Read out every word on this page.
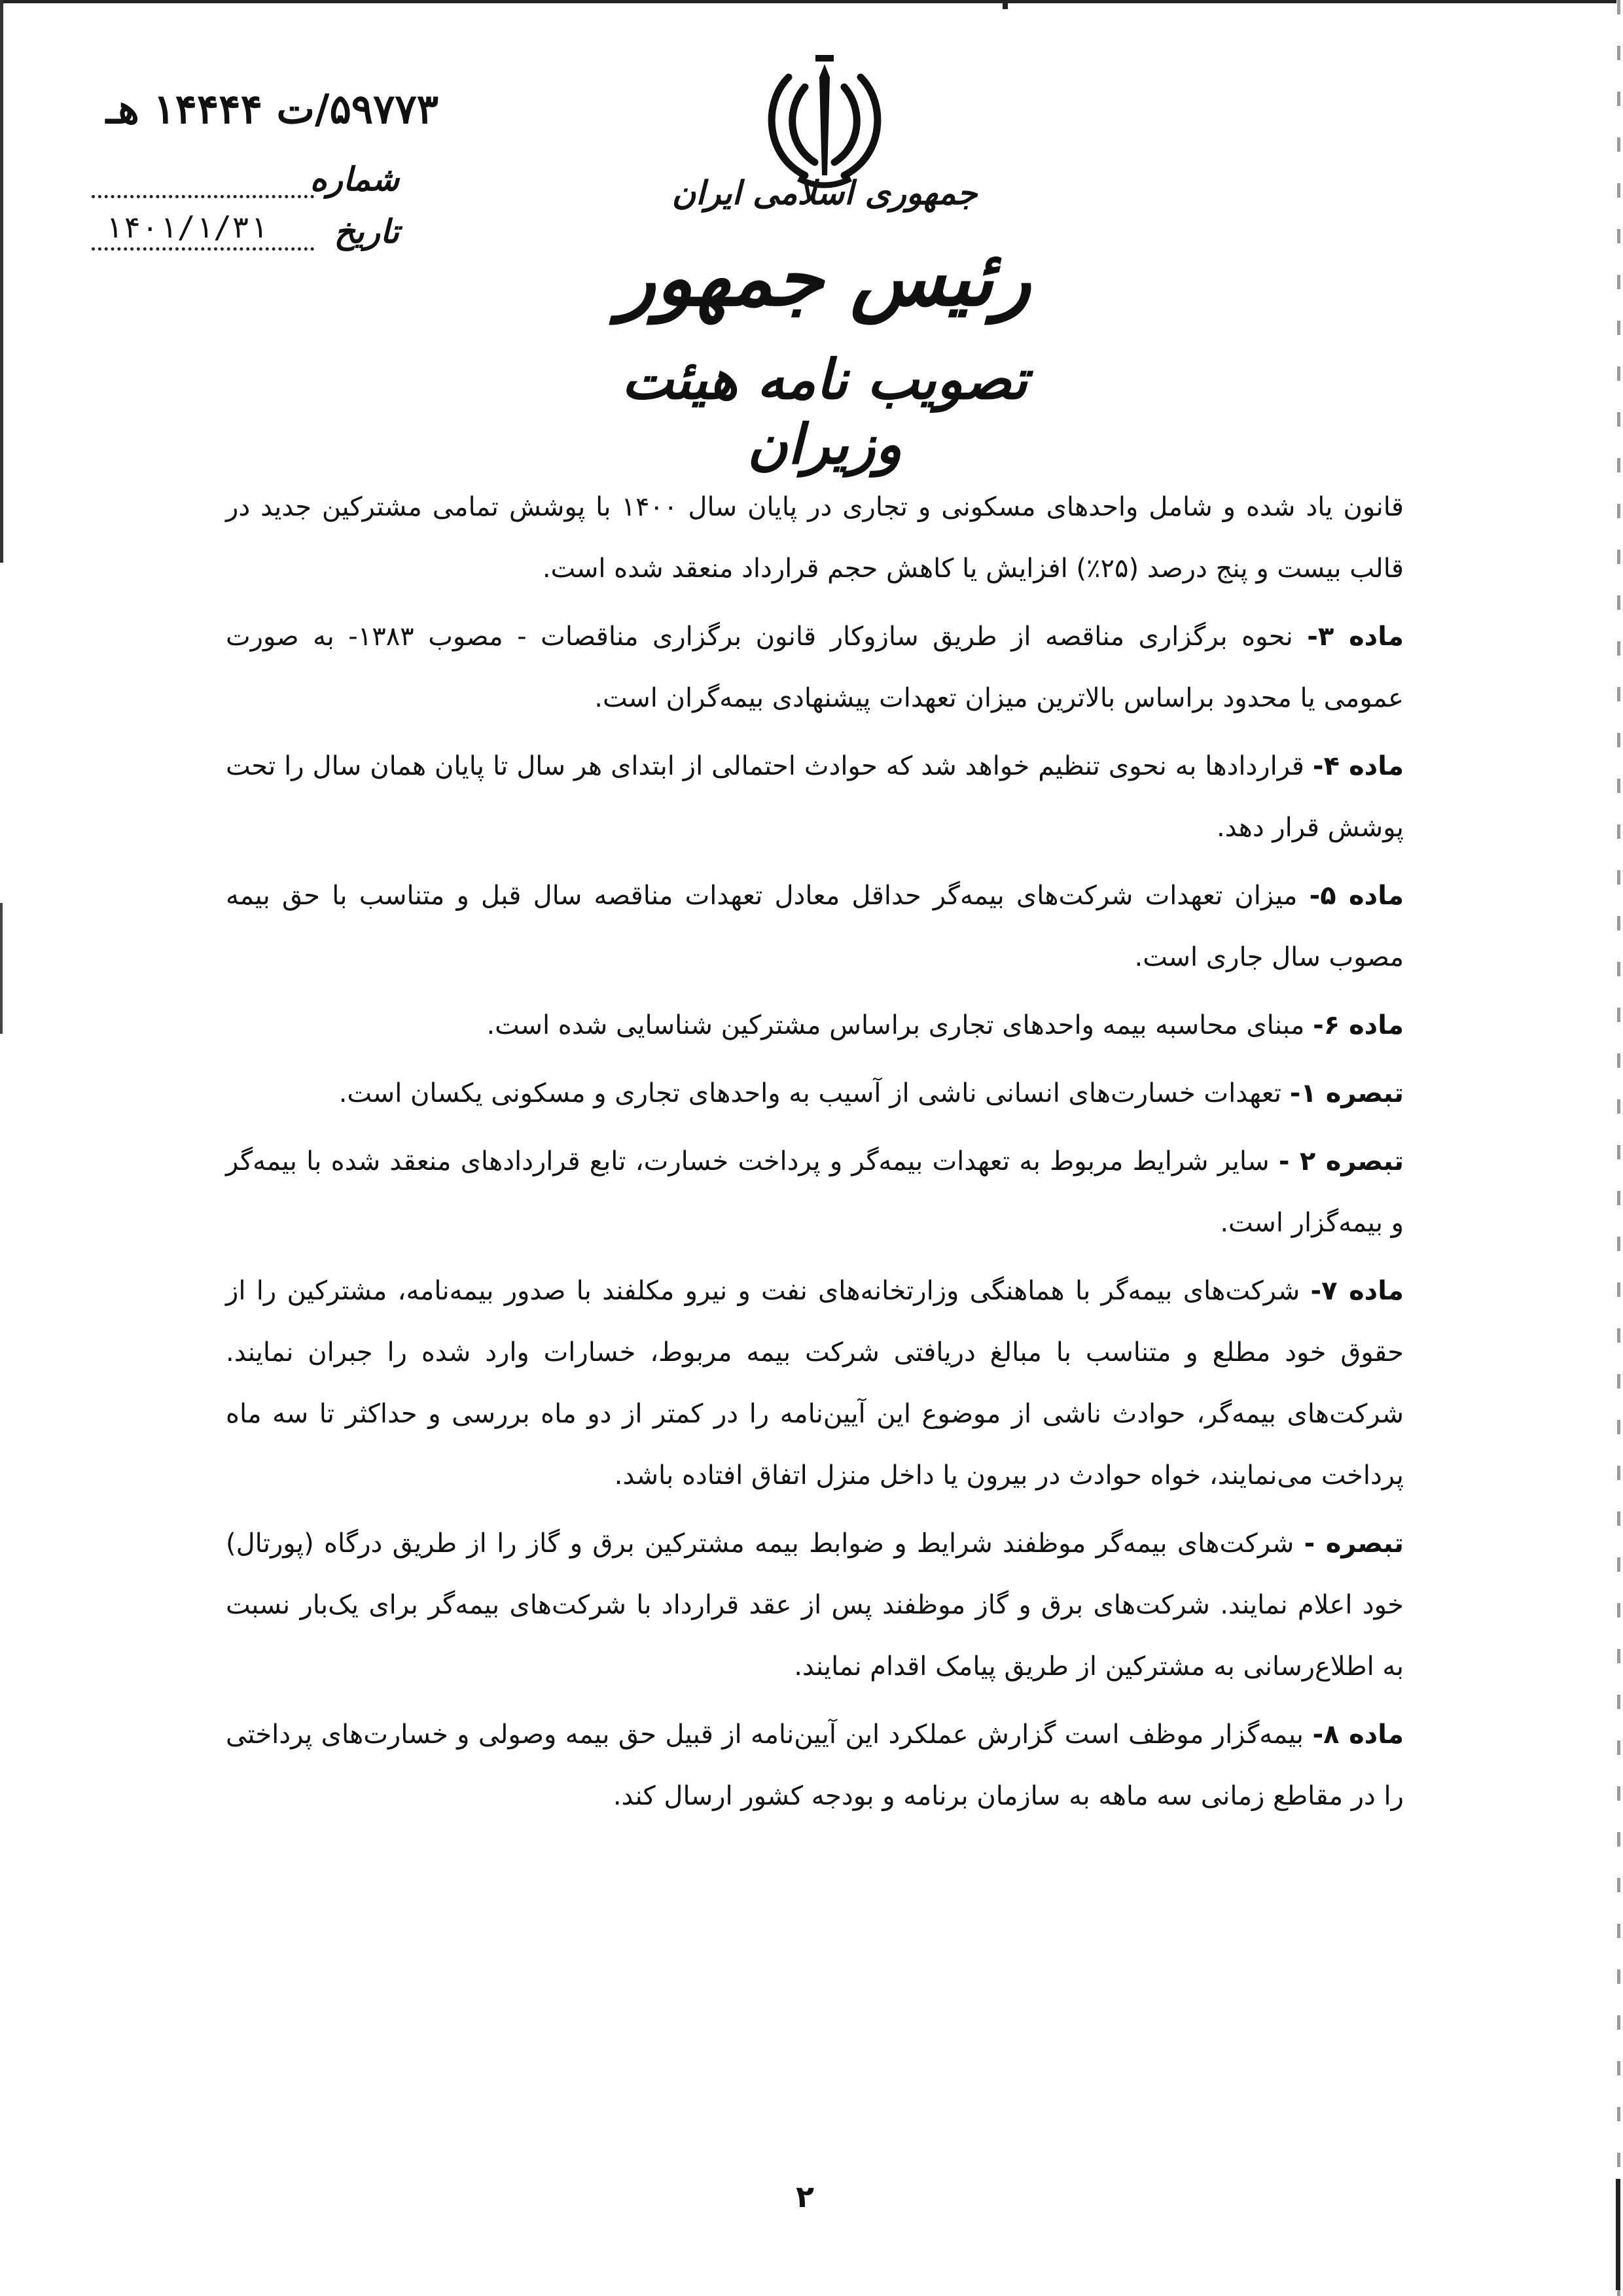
جمهوری اسلامی ایران
رئیس جمهور
تصویب نامه هیئت وزیران
۵۹۷۷۳/ت ۱۴۴۴۴ هـ
شماره
تاریخ۱۴۰۱/۱/۳۱

قانون یاد شده و شامل واحدهای مسکونی و تجاری در پایان سال ۱۴۰۰ با پوشش تمامی مشترکین جدید در قالب بیست و پنج درصد (۲۵٪) افزایش یا کاهش حجم قرارداد منعقد شده است.

ماده ۳- نحوه برگزاری مناقصه از طریق سازوکار قانون برگزاری مناقصات - مصوب ۱۳۸۳- به صورت عمومی یا محدود براساس بالاترین میزان تعهدات پیشنهادی بیمه‌گران است.

ماده ۴- قراردادها به نحوی تنظیم خواهد شد که حوادث احتمالی از ابتدای هر سال تا پایان همان سال را تحت پوشش قرار دهد.

ماده ۵- میزان تعهدات شرکت‌های بیمه‌گر حداقل معادل تعهدات مناقصه سال قبل و متناسب با حق بیمه مصوب سال جاری است.

ماده ۶- مبنای محاسبه بیمه واحدهای تجاری براساس مشترکین شناسایی شده است.

تبصره ۱- تعهدات خسارت‌های انسانی ناشی از آسیب به واحدهای تجاری و مسکونی یکسان است.

تبصره ۲ - سایر شرایط مربوط به تعهدات بیمه‌گر و پرداخت خسارت، تابع قراردادهای منعقد شده با بیمه‌گر و بیمه‌گزار است.

ماده ۷- شرکت‌های بیمه‌گر با هماهنگی وزارتخانه‌های نفت و نیرو مکلفند با صدور بیمه‌نامه، مشترکین را از حقوق خود مطلع و متناسب با مبالغ دریافتی شرکت بیمه مربوط، خسارات وارد شده را جبران نمایند. شرکت‌های بیمه‌گر، حوادث ناشی از موضوع این آیین‌نامه را در کمتر از دو ماه بررسی و حداکثر تا سه ماه پرداخت می‌نمایند، خواه حوادث در بیرون یا داخل منزل اتفاق افتاده باشد.

تبصره - شرکت‌های بیمه‌گر موظفند شرایط و ضوابط بیمه مشترکین برق و گاز را از طریق درگاه (پورتال) خود اعلام نمایند. شرکت‌های برق و گاز موظفند پس از عقد قرارداد با شرکت‌های بیمه‌گر برای یک‌بار نسبت به اطلاع‌رسانی به مشترکین از طریق پیامک اقدام نمایند.

ماده ۸- بیمه‌گزار موظف است گزارش عملکرد این آیین‌نامه از قبیل حق بیمه وصولی و خسارت‌های پرداختی را در مقاطع زمانی سه ماهه به سازمان برنامه و بودجه کشور ارسال کند.

۲
